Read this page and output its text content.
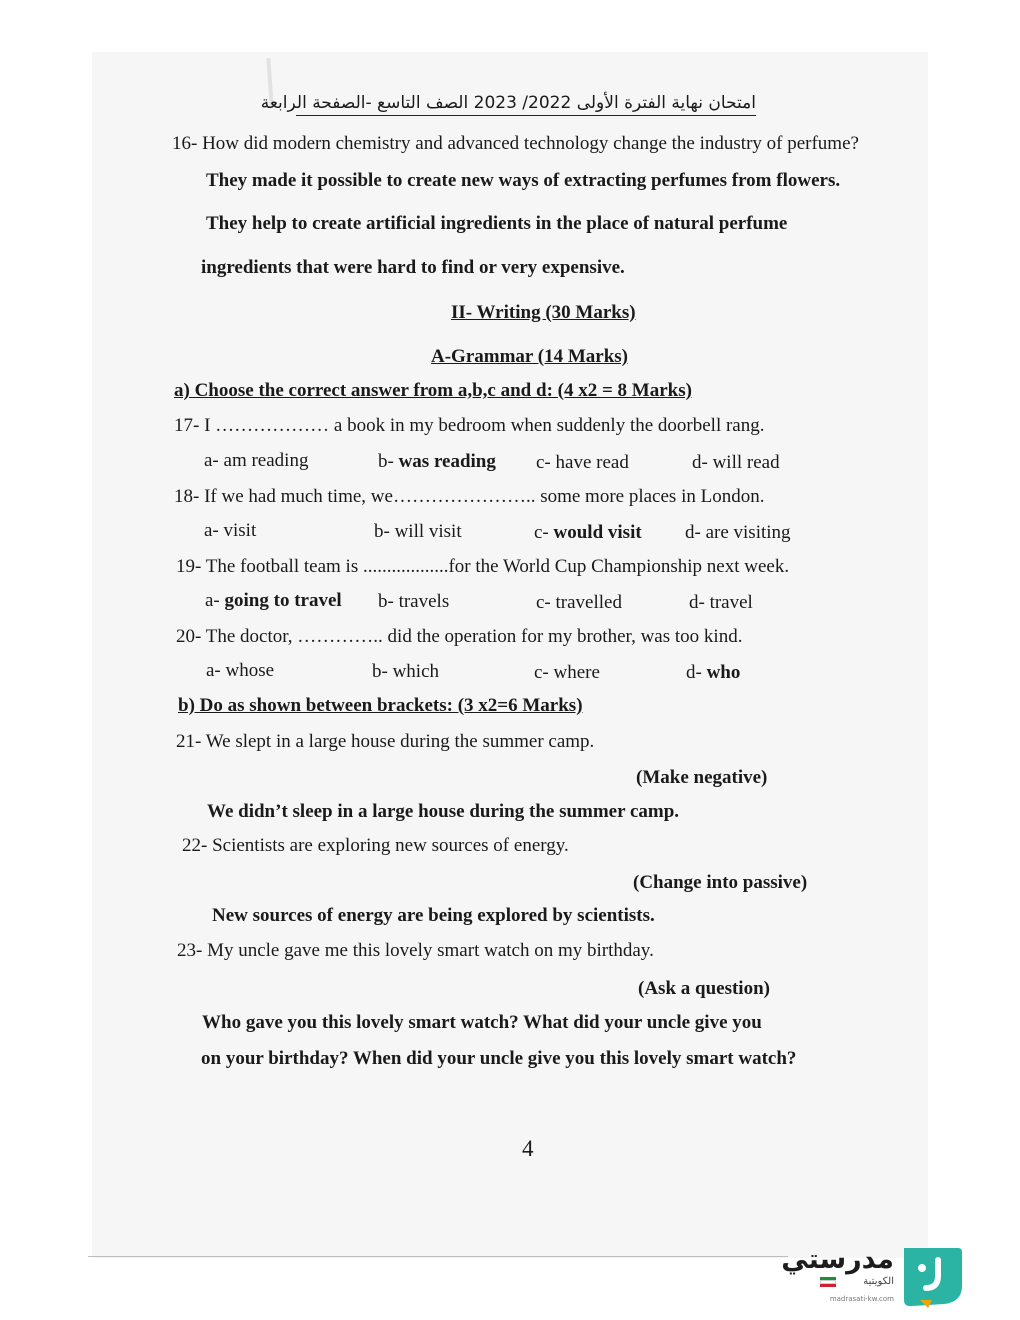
امتحان نهاية الفترة الأولى 2022/ 2023 الصف التاسع -الصفحة الرابعة
16- How did modern chemistry and advanced technology change the industry of perfume?
They made it possible to create new ways of extracting perfumes from flowers.
They help to create artificial ingredients in the place of natural perfume
ingredients that were hard to find or very expensive.
II- Writing (30 Marks)
A-Grammar (14 Marks)
a) Choose the correct answer from a,b,c and d: (4 x2 = 8 Marks)
17- I ……………… a book in my bedroom when suddenly the doorbell rang.
a- am reading	b- was reading c- have read	d- will read
18- If we had much time, we………………….. some more places in London.
a- visit	b- will visit	c- would visit d- are visiting
19- The football team is ..................for the World Cup Championship next week.
a- going to travel b- travels	c- travelled	d- travel
20- The doctor, ………….. did the operation for my brother, was too kind.
a- whose	b- which	c- where	d- who
b) Do as shown between brackets: (3 x2=6 Marks)
21- We slept in a large house during the summer camp.
(Make negative)
We didn’t sleep in a large house during the summer camp.
22- Scientists are exploring new sources of energy.
(Change into passive)
New sources of energy are being explored by scientists.
23- My uncle gave me this lovely smart watch on my birthday.
(Ask a question)
Who gave you this lovely smart watch? What did your uncle give you
on your birthday? When did your uncle give you this lovely smart watch?
4
مدرستي
الكويتية
madrasati-kw.com
